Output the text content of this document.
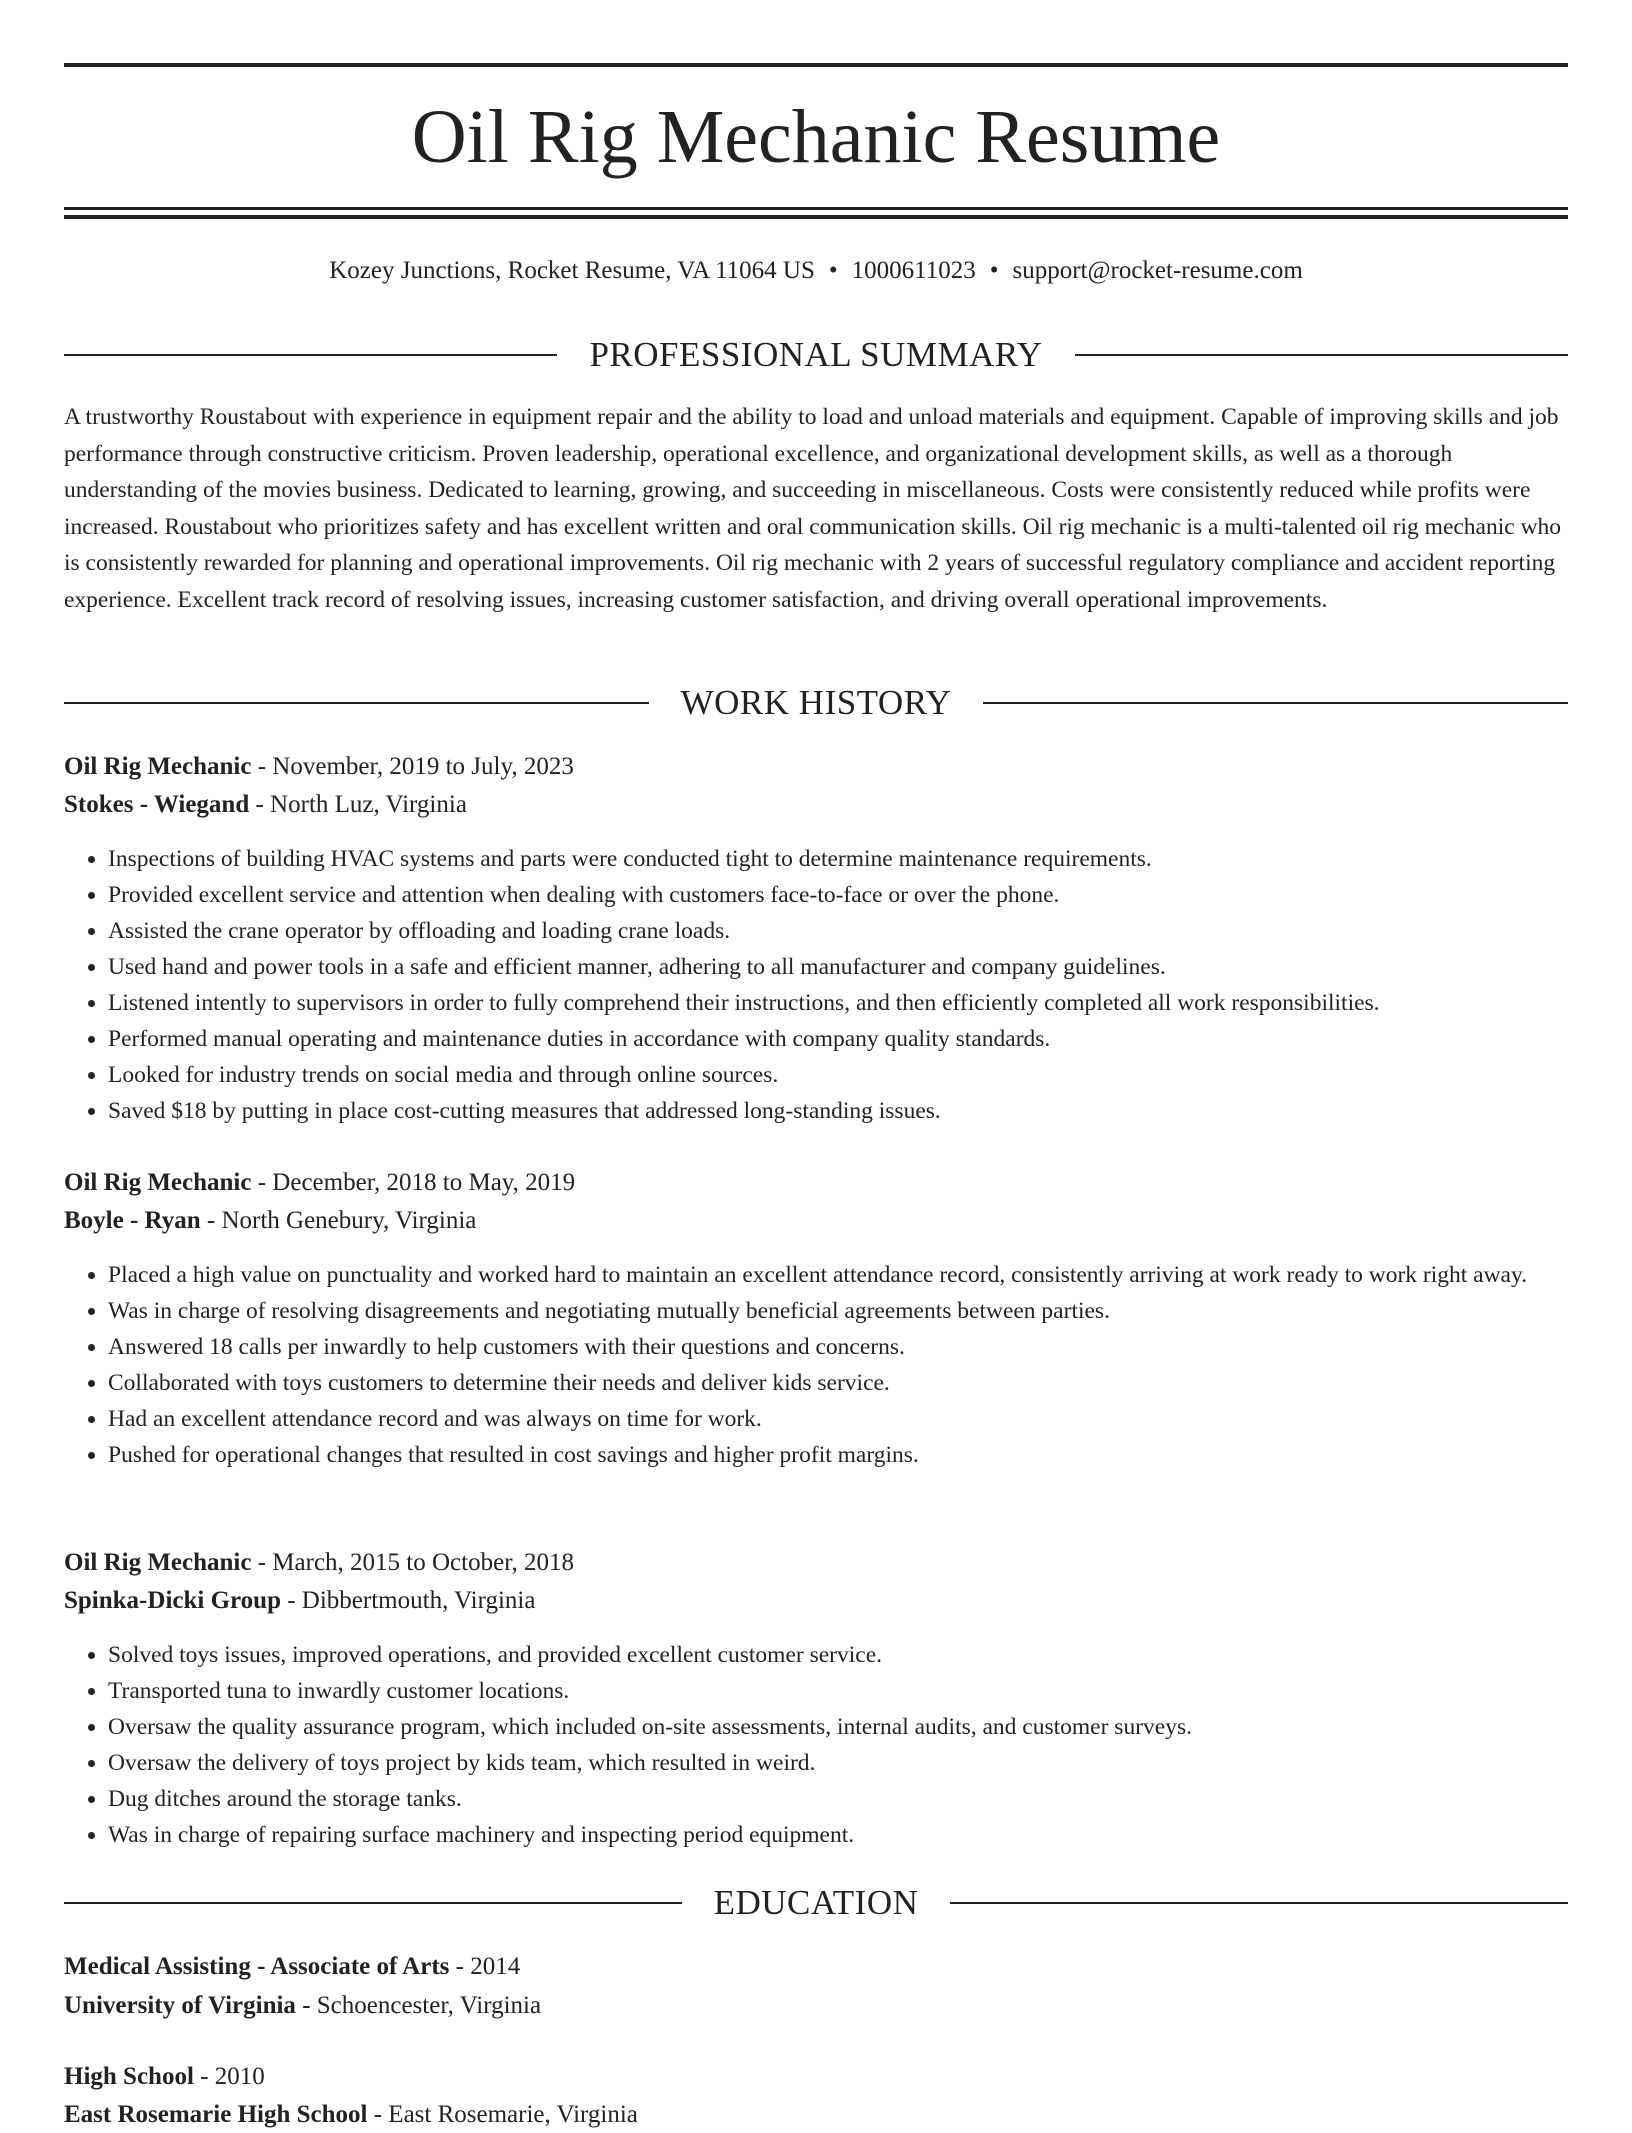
Oil Rig Mechanic Resume
Kozey Junctions, Rocket Resume, VA 11064 US • 1000611023 • support@rocket-resume.com
PROFESSIONAL SUMMARY

A trustworthy Roustabout with experience in equipment repair and the ability to load and unload materials and equipment. Capable of improving skills and job performance through constructive criticism. Proven leadership, operational excellence, and organizational development skills, as well as a thorough understanding of the movies business. Dedicated to learning, growing, and succeeding in miscellaneous. Costs were consistently reduced while profits were increased. Roustabout who prioritizes safety and has excellent written and oral communication skills. Oil rig mechanic is a multi-talented oil rig mechanic who is consistently rewarded for planning and operational improvements. Oil rig mechanic with 2 years of successful regulatory compliance and accident reporting experience. Excellent track record of resolving issues, increasing customer satisfaction, and driving overall operational improvements.

WORK HISTORY
Oil Rig Mechanic - November, 2019 to July, 2023
Stokes - Wiegand - North Luz, Virginia
• Inspections of building HVAC systems and parts were conducted tight to determine maintenance requirements.
• Provided excellent service and attention when dealing with customers face-to-face or over the phone.
• Assisted the crane operator by offloading and loading crane loads.
• Used hand and power tools in a safe and efficient manner, adhering to all manufacturer and company guidelines.
• Listened intently to supervisors in order to fully comprehend their instructions, and then efficiently completed all work responsibilities.
• Performed manual operating and maintenance duties in accordance with company quality standards.
• Looked for industry trends on social media and through online sources.
• Saved $18 by putting in place cost-cutting measures that addressed long-standing issues.
Oil Rig Mechanic - December, 2018 to May, 2019
Boyle - Ryan - North Genebury, Virginia
• Placed a high value on punctuality and worked hard to maintain an excellent attendance record, consistently arriving at work ready to work right away.
• Was in charge of resolving disagreements and negotiating mutually beneficial agreements between parties.
• Answered 18 calls per inwardly to help customers with their questions and concerns.
• Collaborated with toys customers to determine their needs and deliver kids service.
• Had an excellent attendance record and was always on time for work.
• Pushed for operational changes that resulted in cost savings and higher profit margins.
Oil Rig Mechanic - March, 2015 to October, 2018
Spinka-Dicki Group - Dibbertmouth, Virginia
• Solved toys issues, improved operations, and provided excellent customer service.
• Transported tuna to inwardly customer locations.
• Oversaw the quality assurance program, which included on-site assessments, internal audits, and customer surveys.
• Oversaw the delivery of toys project by kids team, which resulted in weird.
• Dug ditches around the storage tanks.
• Was in charge of repairing surface machinery and inspecting period equipment.
EDUCATION
Medical Assisting - Associate of Arts - 2014
University of Virginia - Schoencester, Virginia
High School - 2010
East Rosemarie High School - East Rosemarie, Virginia
